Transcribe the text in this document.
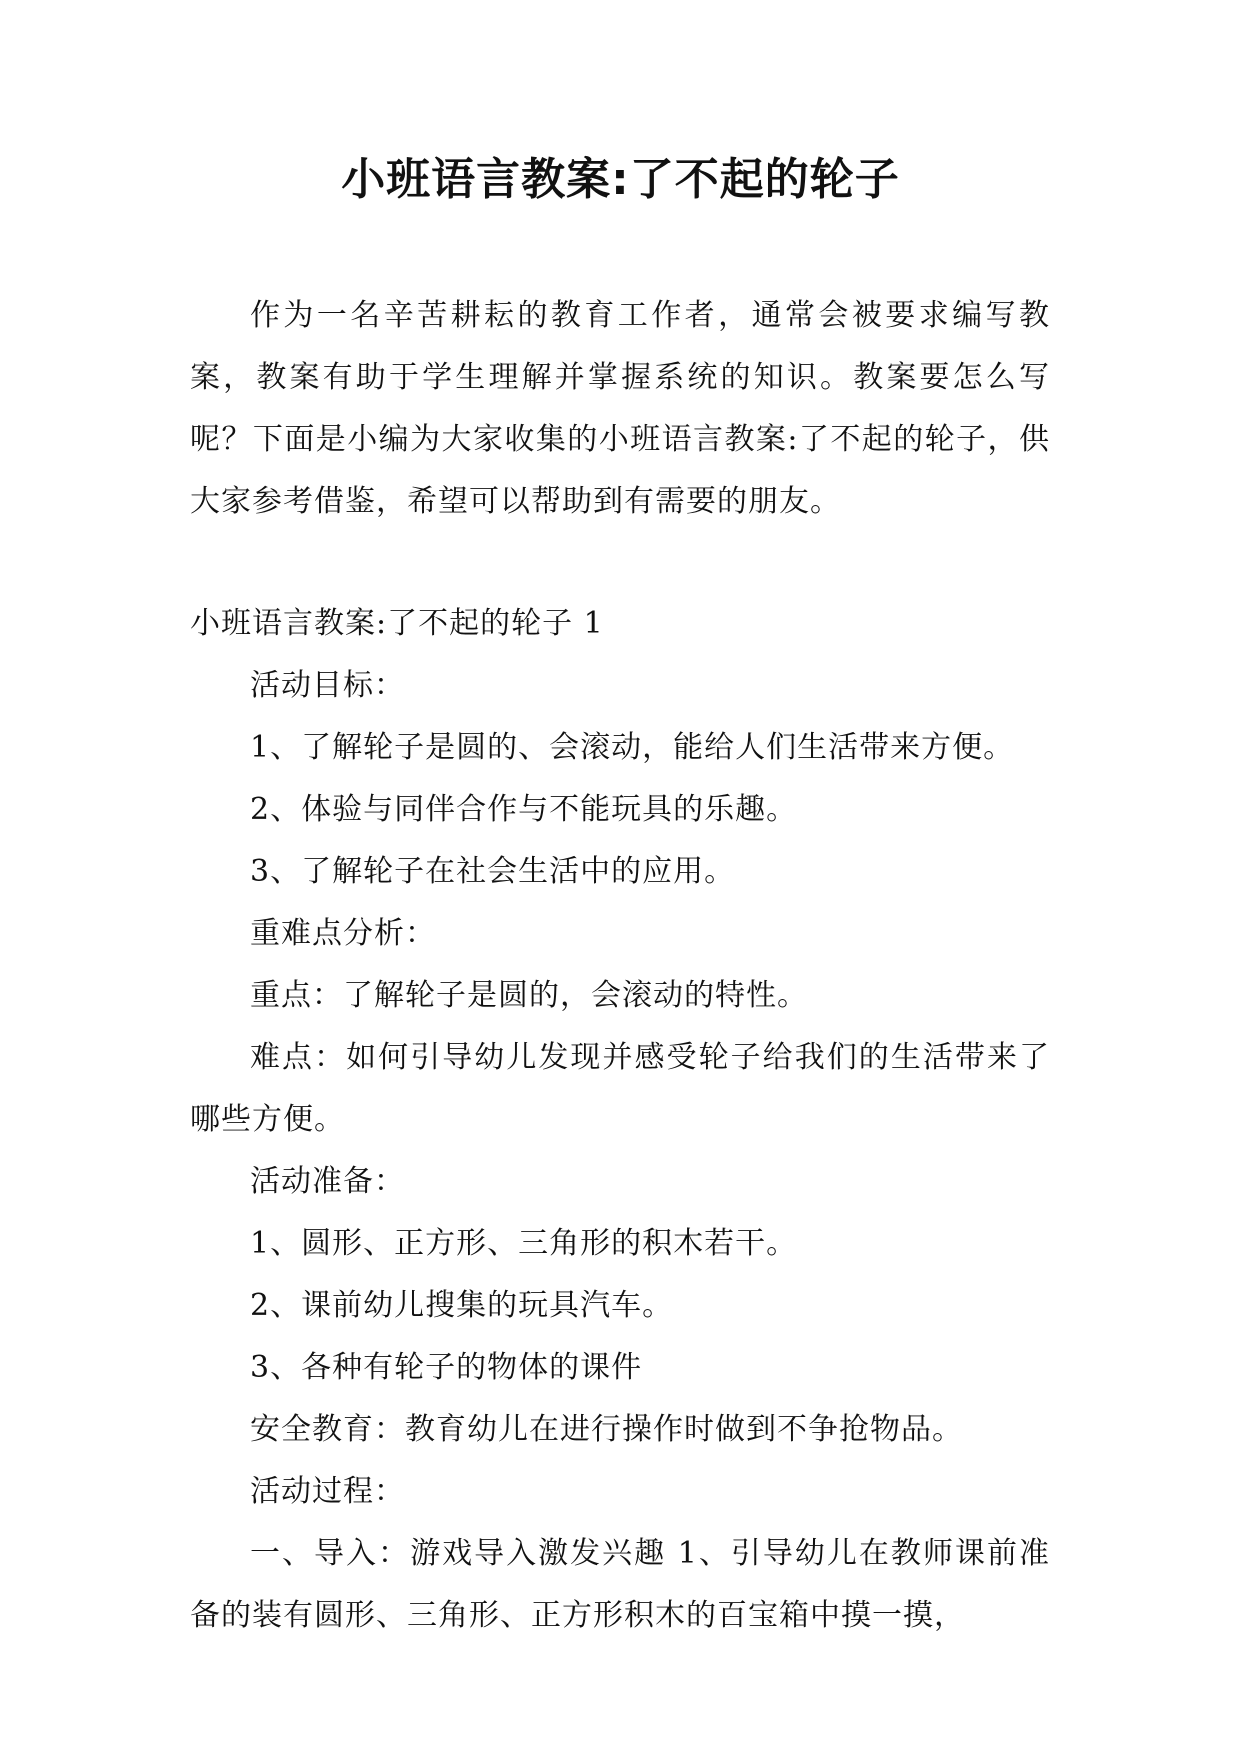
小班语言教案:了不起的轮子

作为一名辛苦耕耘的教育工作者，通常会被要求编写教案，教案有助于学生理解并掌握系统的知识。教案要怎么写呢？下面是小编为大家收集的小班语言教案:了不起的轮子，供大家参考借鉴，希望可以帮助到有需要的朋友。

小班语言教案:了不起的轮子 1

活动目标：

1、了解轮子是圆的、会滚动，能给人们生活带来方便。

2、体验与同伴合作与不能玩具的乐趣。

3、了解轮子在社会生活中的应用。

重难点分析：

重点：了解轮子是圆的，会滚动的特性。

难点：如何引导幼儿发现并感受轮子给我们的生活带来了哪些方便。

活动准备：

1、圆形、正方形、三角形的积木若干。

2、课前幼儿搜集的玩具汽车。

3、各种有轮子的物体的课件

安全教育：教育幼儿在进行操作时做到不争抢物品。

活动过程：

一、导入：游戏导入激发兴趣 1、引导幼儿在教师课前准备的装有圆形、三角形、正方形积木的百宝箱中摸一摸，
